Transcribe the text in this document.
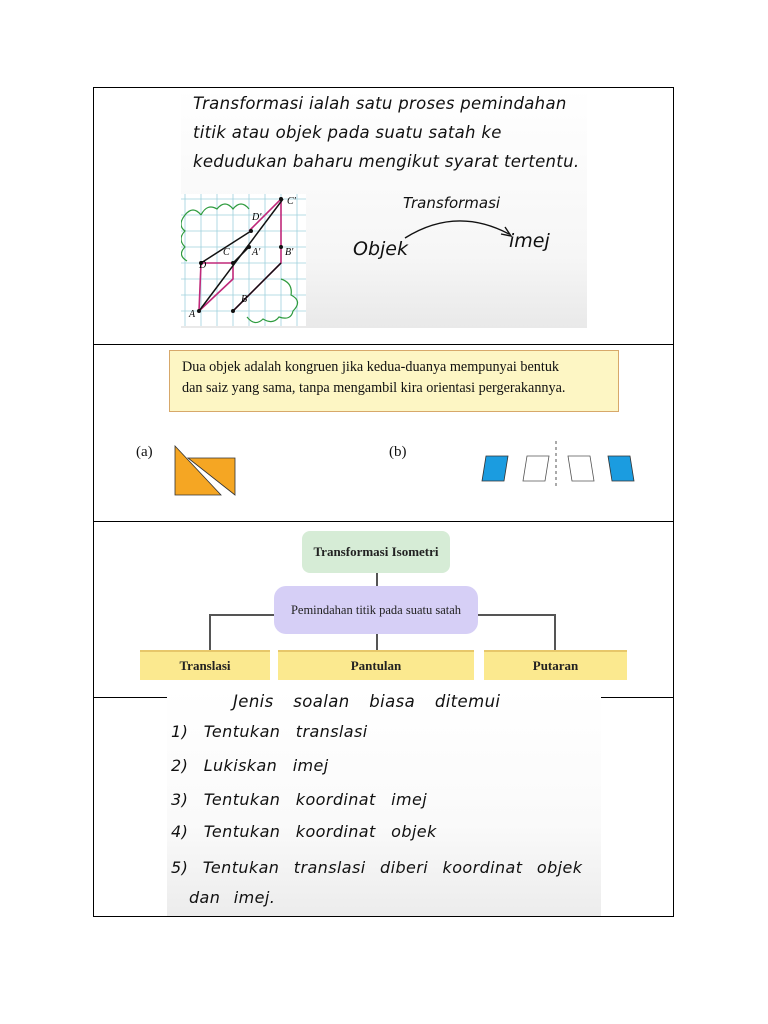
Transformasi ialah satu proses pemindahan
titik atau objek pada suatu satah ke
kedudukan baharu mengikut syarat tertentu.
A
B
C
D
A' B'
C'
D'
Transformasi
Objek	imej
Dua objek adalah kongruen jika kedua-duanya mempunyai bentuk
dan saiz yang sama, tanpa mengambil kira orientasi pergerakannya.
(a)	(b)
Transformasi Isometri
Pemindahan titik pada suatu satah
Translasi	Pantulan	Putaran
Jenis soalan biasa ditemui
1) Tentukan translasi
2) Lukiskan imej
3) Tentukan koordinat imej
4) Tentukan koordinat objek
5) Tentukan translasi diberi koordinat objek
dan imej.
